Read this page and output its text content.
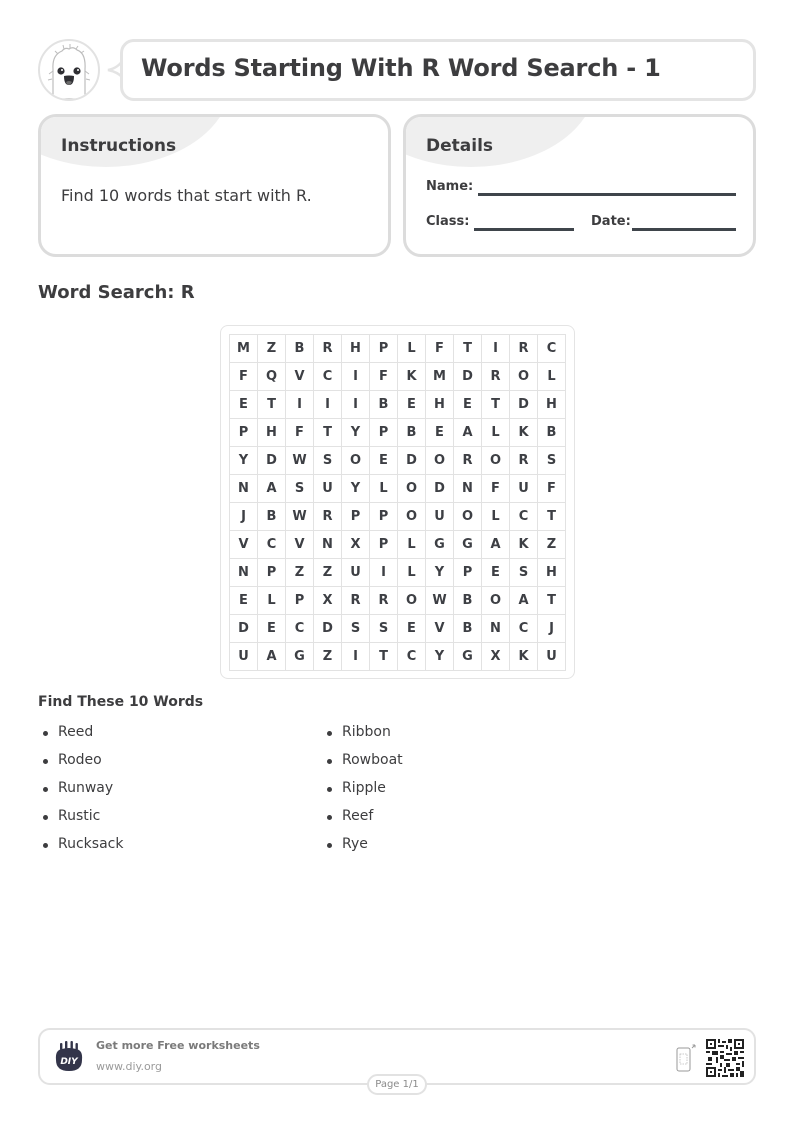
Words Starting With R Word Search - 1
Instructions
Find 10 words that start with R.
Details
Name:
Class:	Date:
Word Search: R
M	Z	B	R	H	P	L	F	T	I	R	C
F	Q	V	C	I	F	K	M	D	R	O	L
E	T	I	I	I	B	E	H	E	T	D	H
P	H	F	T	Y	P	B	E	A	L	K	B
Y	D	W	S	O	E	D	O	R	O	R	S
N	A	S	U	Y	L	O	D	N	F	U	F
J	B	W	R	P	P	O	U	O	L	C	T
V	C	V	N	X	P	L	G	G	A	K	Z
N	P	Z	Z	U	I	L	Y	P	E	S	H
E	L	P	X	R	R	O	W	B	O	A	T
D	E	C	D	S	S	E	V	B	N	C	J
U	A	G	Z	I	T	C	Y	G	X	K	U
Find These 10 Words
Reed
Rodeo
Runway
Rustic
Rucksack
Ribbon
Rowboat
Ripple
Reef
Rye
DIY
Get more Free worksheets
www.diy.org
Page 1/1
